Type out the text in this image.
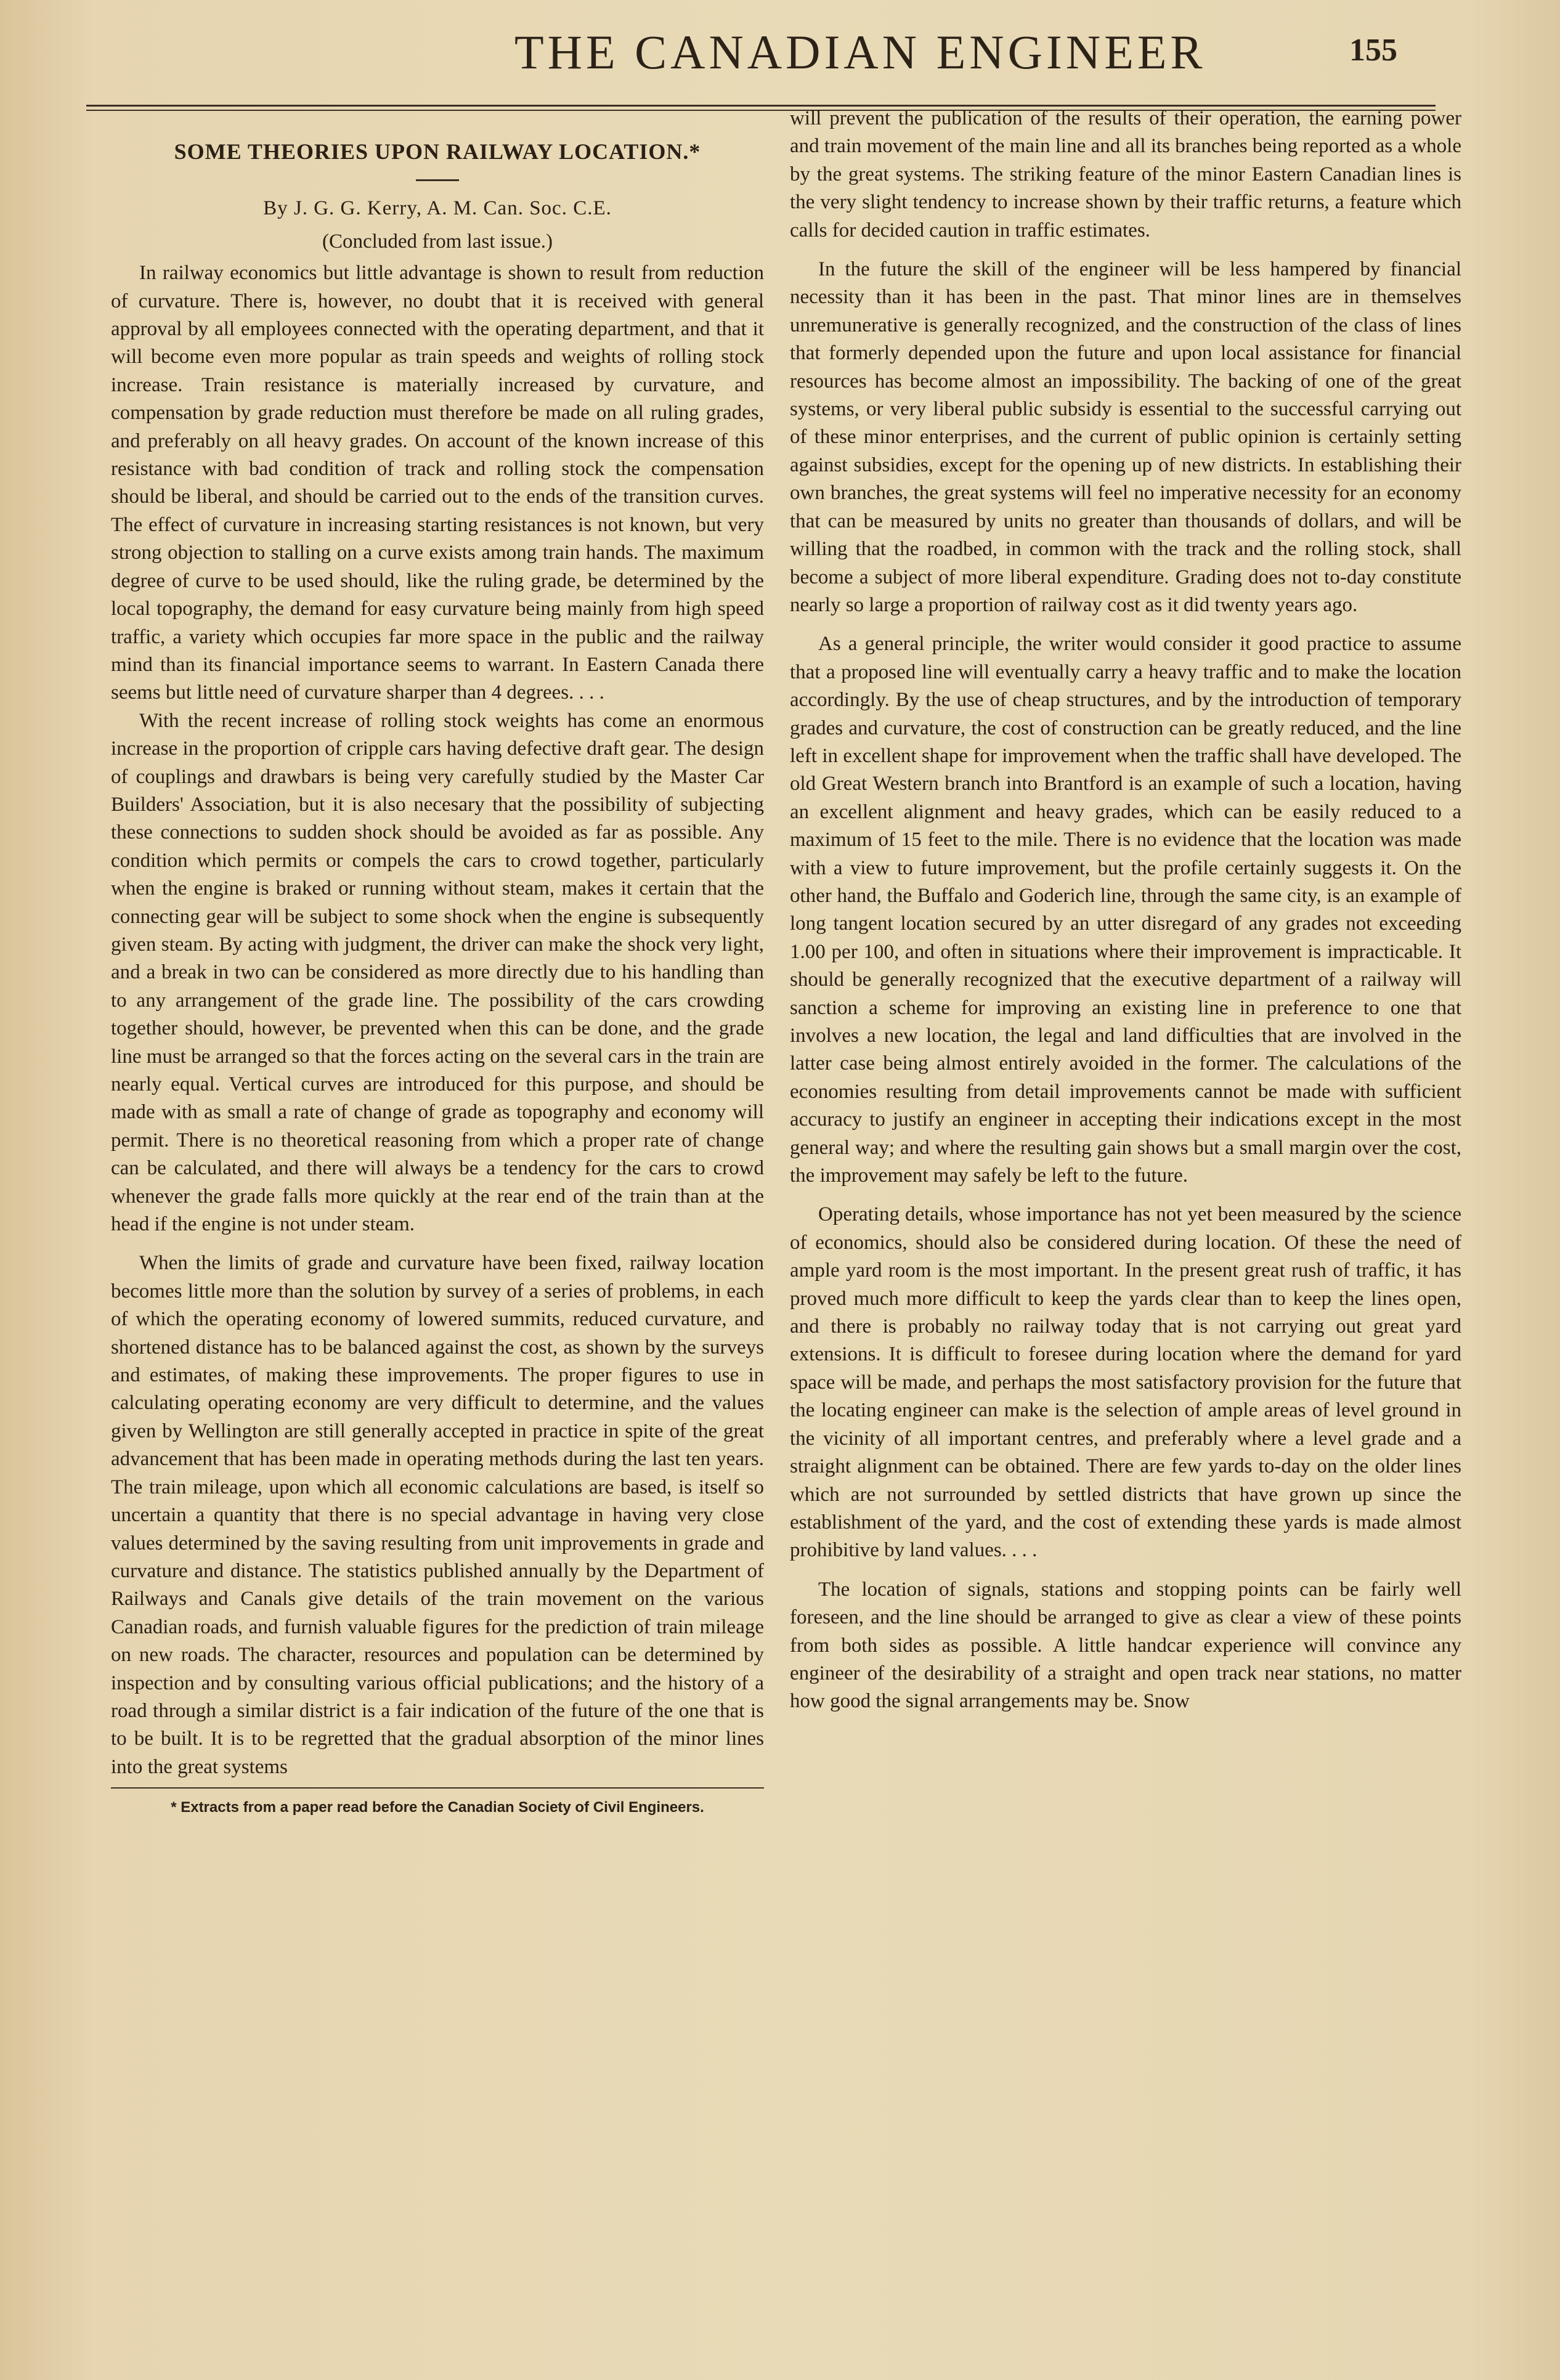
THE CANADIAN ENGINEER	155
SOME THEORIES UPON RAILWAY LOCATION.*
By J. G. G. Kerry, A. M. Can. Soc. C.E.
(Concluded from last issue.)

In railway economics but little advantage is shown to result from reduction of curvature. There is, however, no doubt that it is received with general approval by all employees connected with the operating department, and that it will become even more popular as train speeds and weights of rolling stock increase. Train resistance is materially increased by curvature, and compensation by grade reduction must therefore be made on all ruling grades, and preferably on all heavy grades. On account of the known increase of this resistance with bad condition of track and rolling stock the compensation should be liberal, and should be carried out to the ends of the transition curves. The effect of curvature in increasing starting resistances is not known, but very strong objection to stalling on a curve exists among train hands. The maximum degree of curve to be used should, like the ruling grade, be determined by the local topography, the demand for easy curvature being mainly from high speed traffic, a variety which occupies far more space in the public and the railway mind than its financial importance seems to warrant. In Eastern Canada there seems but little need of curvature sharper than 4 degrees. . . .

With the recent increase of rolling stock weights has come an enormous increase in the proportion of cripple cars having defective draft gear. The design of couplings and drawbars is being very carefully studied by the Master Car Builders' Association, but it is also necesary that the possibility of subjecting these connections to sudden shock should be avoided as far as possible. Any condition which permits or compels the cars to crowd together, particularly when the engine is braked or running without steam, makes it certain that the connecting gear will be subject to some shock when the engine is subsequently given steam. By acting with judgment, the driver can make the shock very light, and a break in two can be considered as more directly due to his handling than to any arrangement of the grade line. The possibility of the cars crowding together should, however, be prevented when this can be done, and the grade line must be arranged so that the forces acting on the several cars in the train are nearly equal. Vertical curves are introduced for this purpose, and should be made with as small a rate of change of grade as topography and economy will permit. There is no theoretical reasoning from which a proper rate of change can be calculated, and there will always be a tendency for the cars to crowd whenever the grade falls more quickly at the rear end of the train than at the head if the engine is not under steam.

When the limits of grade and curvature have been fixed, railway location becomes little more than the solution by survey of a series of problems, in each of which the operating economy of lowered summits, reduced curvature, and shortened distance has to be balanced against the cost, as shown by the surveys and estimates, of making these improvements. The proper figures to use in calculating operating economy are very difficult to determine, and the values given by Wellington are still generally accepted in practice in spite of the great advancement that has been made in operating methods during the last ten years. The train mileage, upon which all economic calculations are based, is itself so uncertain a quantity that there is no special advantage in having very close values determined by the saving resulting from unit improvements in grade and curvature and distance. The statistics published annually by the Department of Railways and Canals give details of the train movement on the various Canadian roads, and furnish valuable figures for the prediction of train mileage on new roads. The character, resources and population can be determined by inspection and by consulting various official publications; and the history of a road through a similar district is a fair indication of the future of the one that is to be built. It is to be regretted that the gradual absorption of the minor lines into the great systems

* Extracts from a paper read before the Canadian Society of Civil Engineers.

will prevent the publication of the results of their operation, the earning power and train movement of the main line and all its branches being reported as a whole by the great systems. The striking feature of the minor Eastern Canadian lines is the very slight tendency to increase shown by their traffic returns, a feature which calls for decided caution in traffic estimates.

In the future the skill of the engineer will be less hampered by financial necessity than it has been in the past. That minor lines are in themselves unremunerative is generally recognized, and the construction of the class of lines that formerly depended upon the future and upon local assistance for financial resources has become almost an impossibility. The backing of one of the great systems, or very liberal public subsidy is essential to the successful carrying out of these minor enterprises, and the current of public opinion is certainly setting against subsidies, except for the opening up of new districts. In establishing their own branches, the great systems will feel no imperative necessity for an economy that can be measured by units no greater than thousands of dollars, and will be willing that the roadbed, in common with the track and the rolling stock, shall become a subject of more liberal expenditure. Grading does not to-day constitute nearly so large a proportion of railway cost as it did twenty years ago.

As a general principle, the writer would consider it good practice to assume that a proposed line will eventually carry a heavy traffic and to make the location accordingly. By the use of cheap structures, and by the introduction of temporary grades and curvature, the cost of construction can be greatly reduced, and the line left in excellent shape for improvement when the traffic shall have developed. The old Great Western branch into Brantford is an example of such a location, having an excellent alignment and heavy grades, which can be easily reduced to a maximum of 15 feet to the mile. There is no evidence that the location was made with a view to future improvement, but the profile certainly suggests it. On the other hand, the Buffalo and Goderich line, through the same city, is an example of long tangent location secured by an utter disregard of any grades not exceeding 1.00 per 100, and often in situations where their improvement is impracticable. It should be generally recognized that the executive department of a railway will sanction a scheme for improving an existing line in preference to one that involves a new location, the legal and land difficulties that are involved in the latter case being almost entirely avoided in the former. The calculations of the economies resulting from detail improvements cannot be made with sufficient accuracy to justify an engineer in accepting their indications except in the most general way; and where the resulting gain shows but a small margin over the cost, the improvement may safely be left to the future.

Operating details, whose importance has not yet been measured by the science of economics, should also be considered during location. Of these the need of ample yard room is the most important. In the present great rush of traffic, it has proved much more difficult to keep the yards clear than to keep the lines open, and there is probably no railway today that is not carrying out great yard extensions. It is difficult to foresee during location where the demand for yard space will be made, and perhaps the most satisfactory provision for the future that the locating engineer can make is the selection of ample areas of level ground in the vicinity of all important centres, and preferably where a level grade and a straight alignment can be obtained. There are few yards to-day on the older lines which are not surrounded by settled districts that have grown up since the establishment of the yard, and the cost of extending these yards is made almost prohibitive by land values. . . .

The location of signals, stations and stopping points can be fairly well foreseen, and the line should be arranged to give as clear a view of these points from both sides as possible. A little handcar experience will convince any engineer of the desirability of a straight and open track near stations, no matter how good the signal arrangements may be. Snow
